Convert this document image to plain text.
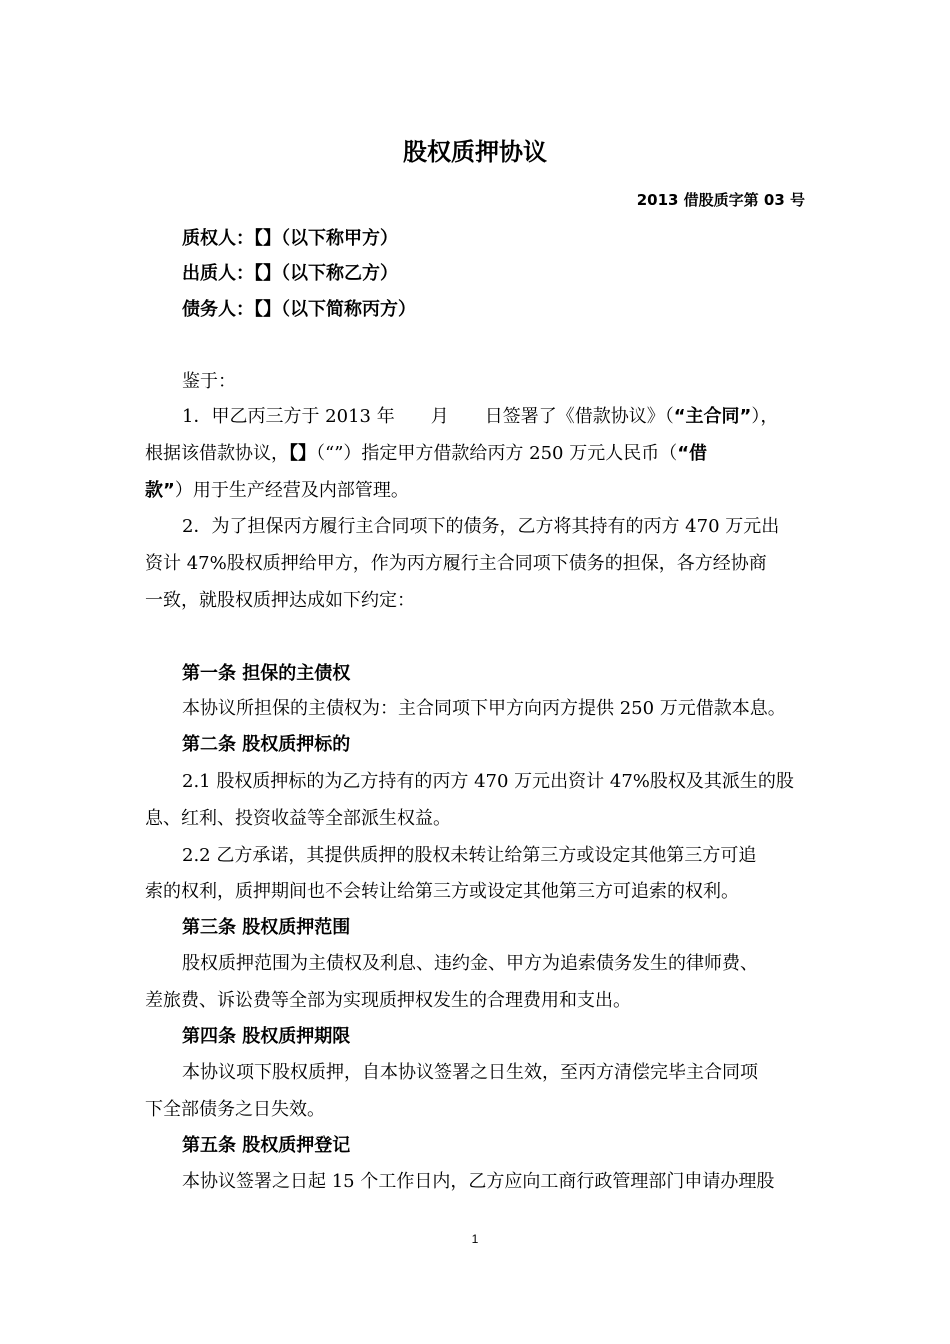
股权质押协议
2013 借股质字第 03 号
质权人：【】（以下称甲方）
出质人：【】（以下称乙方）
债务人：【】（以下简称丙方）
鉴于：
1．甲乙丙三方于 2013 年　　月　　日签署了《借款协议》（“主合同”），
根据该借款协议，【】（“”）指定甲方借款给丙方 250 万元人民币（“借
款”）用于生产经营及内部管理。
2．为了担保丙方履行主合同项下的债务，乙方将其持有的丙方 470 万元出
资计 47%股权质押给甲方，作为丙方履行主合同项下债务的担保，各方经协商
一致，就股权质押达成如下约定：
第一条 担保的主债权
本协议所担保的主债权为：主合同项下甲方向丙方提供 250 万元借款本息。
第二条 股权质押标的
2.1 股权质押标的为乙方持有的丙方 470 万元出资计 47%股权及其派生的股
息、红利、投资收益等全部派生权益。
2.2 乙方承诺，其提供质押的股权未转让给第三方或设定其他第三方可追
索的权利，质押期间也不会转让给第三方或设定其他第三方可追索的权利。
第三条 股权质押范围
股权质押范围为主债权及利息、违约金、甲方为追索债务发生的律师费、
差旅费、诉讼费等全部为实现质押权发生的合理费用和支出。
第四条 股权质押期限
本协议项下股权质押，自本协议签署之日生效，至丙方清偿完毕主合同项
下全部债务之日失效。
第五条 股权质押登记
本协议签署之日起 15 个工作日内，乙方应向工商行政管理部门申请办理股
1
